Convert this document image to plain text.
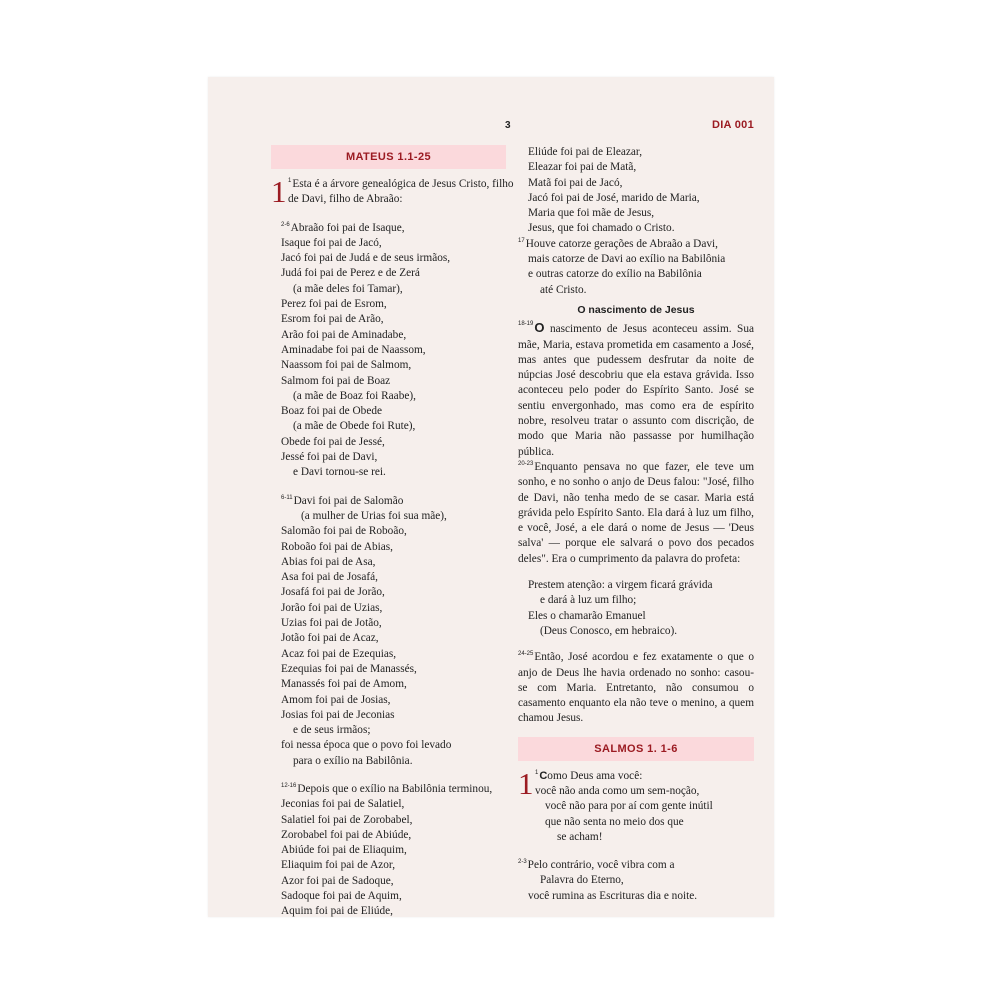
3	DIA 001
MATEUS 1.1-25
1 $^1$Esta é a árvore genealógica de Jesus Cristo, filho
de Davi, filho de Abraão:
$^{2-6}$Abraão foi pai de Isaque,
Isaque foi pai de Jacó,
Jacó foi pai de Judá e de seus irmãos,
Judá foi pai de Perez e de Zerá
(a mãe deles foi Tamar),
Perez foi pai de Esrom,
Esrom foi pai de Arão,
Arão foi pai de Aminadabe,
Aminadabe foi pai de Naassom,
Naassom foi pai de Salmom,
Salmom foi pai de Boaz
(a mãe de Boaz foi Raabe),
Boaz foi pai de Obede
(a mãe de Obede foi Rute),
Obede foi pai de Jessé,
Jessé foi pai de Davi,
e Davi tornou-se rei.
$^{6-11}$Davi foi pai de Salomão
(a mulher de Urias foi sua mãe),
Salomão foi pai de Roboão,
Roboão foi pai de Abias,
Abias foi pai de Asa,
Asa foi pai de Josafá,
Josafá foi pai de Jorão,
Jorão foi pai de Uzias,
Uzias foi pai de Jotão,
Jotão foi pai de Acaz,
Acaz foi pai de Ezequias,
Ezequias foi pai de Manassés,
Manassés foi pai de Amom,
Amom foi pai de Josias,
Josias foi pai de Jeconias
e de seus irmãos;
foi nessa época que o povo foi levado
para o exílio na Babilônia.
$^{12-16}$Depois que o exílio na Babilônia terminou,
Jeconias foi pai de Salatiel,
Salatiel foi pai de Zorobabel,
Zorobabel foi pai de Abiúde,
Abiúde foi pai de Eliaquim,
Eliaquim foi pai de Azor,
Azor foi pai de Sadoque,
Sadoque foi pai de Aquim,
Aquim foi pai de Eliúde,
Eliúde foi pai de Eleazar,
Eleazar foi pai de Matã,
Matã foi pai de Jacó,
Jacó foi pai de José, marido de Maria,
Maria que foi mãe de Jesus,
Jesus, que foi chamado o Cristo.
$^{17}$Houve catorze gerações de Abraão a Davi,
mais catorze de Davi ao exílio na Babilônia
e outras catorze do exílio na Babilônia
até Cristo.
O nascimento de Jesus
$^{18-19}$O nascimento de Jesus aconteceu assim. Sua mãe, Maria, estava prometida em casamento a José, mas antes que pudessem desfrutar da noite de núpcias José descobriu que ela estava grávida. Isso aconteceu pelo poder do Espírito Santo. José se sentiu envergonhado, mas como era de espírito nobre, resolveu tratar o assunto com discrição, de modo que Maria não passasse por humilhação pública.
$^{20-23}$Enquanto pensava no que fazer, ele teve um sonho, e no sonho o anjo de Deus falou: "José, filho de Davi, não tenha medo de se casar. Maria está grávida pelo Espírito Santo. Ela dará à luz um filho, e você, José, a ele dará o nome de Jesus — 'Deus salva' — porque ele salvará o povo dos pecados deles". Era o cumprimento da palavra do profeta:
Prestem atenção: a virgem ficará grávida
e dará à luz um filho;
Eles o chamarão Emanuel
(Deus Conosco, em hebraico).
$^{24-25}$Então, José acordou e fez exatamente o que o anjo de Deus lhe havia ordenado no sonho: casou-se com Maria. Entretanto, não consumou o casamento enquanto ela não teve o menino, a quem chamou Jesus.
SALMOS 1. 1-6
1 $^1$Como Deus ama você:
você não anda como um sem-noção,
você não para por aí com gente inútil
que não senta no meio dos que
se acham!
$^{2-3}$Pelo contrário, você vibra com a
Palavra do Eterno,
você rumina as Escrituras dia e noite.
